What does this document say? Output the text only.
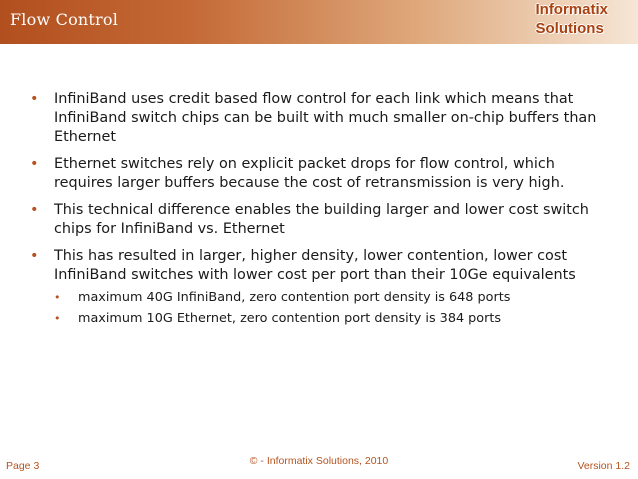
Flow Control
Informatix
Solutions
• InfiniBand uses credit based flow control for each link which means that InfiniBand switch chips can be built with much smaller on-chip buffers than Ethernet
• Ethernet switches rely on explicit packet drops for flow control, which requires larger buffers because the cost of retransmission is very high.
• This technical difference enables the building larger and lower cost switch chips for InfiniBand vs. Ethernet
• This has resulted in larger, higher density, lower contention, lower cost InfiniBand switches with lower cost per port than their 10Ge equivalents
• maximum 40G InfiniBand, zero contention port density is 648 ports
• maximum 10G Ethernet, zero contention port density is 384 ports
Page 3	© - Informatix Solutions, 2010	Version 1.2
